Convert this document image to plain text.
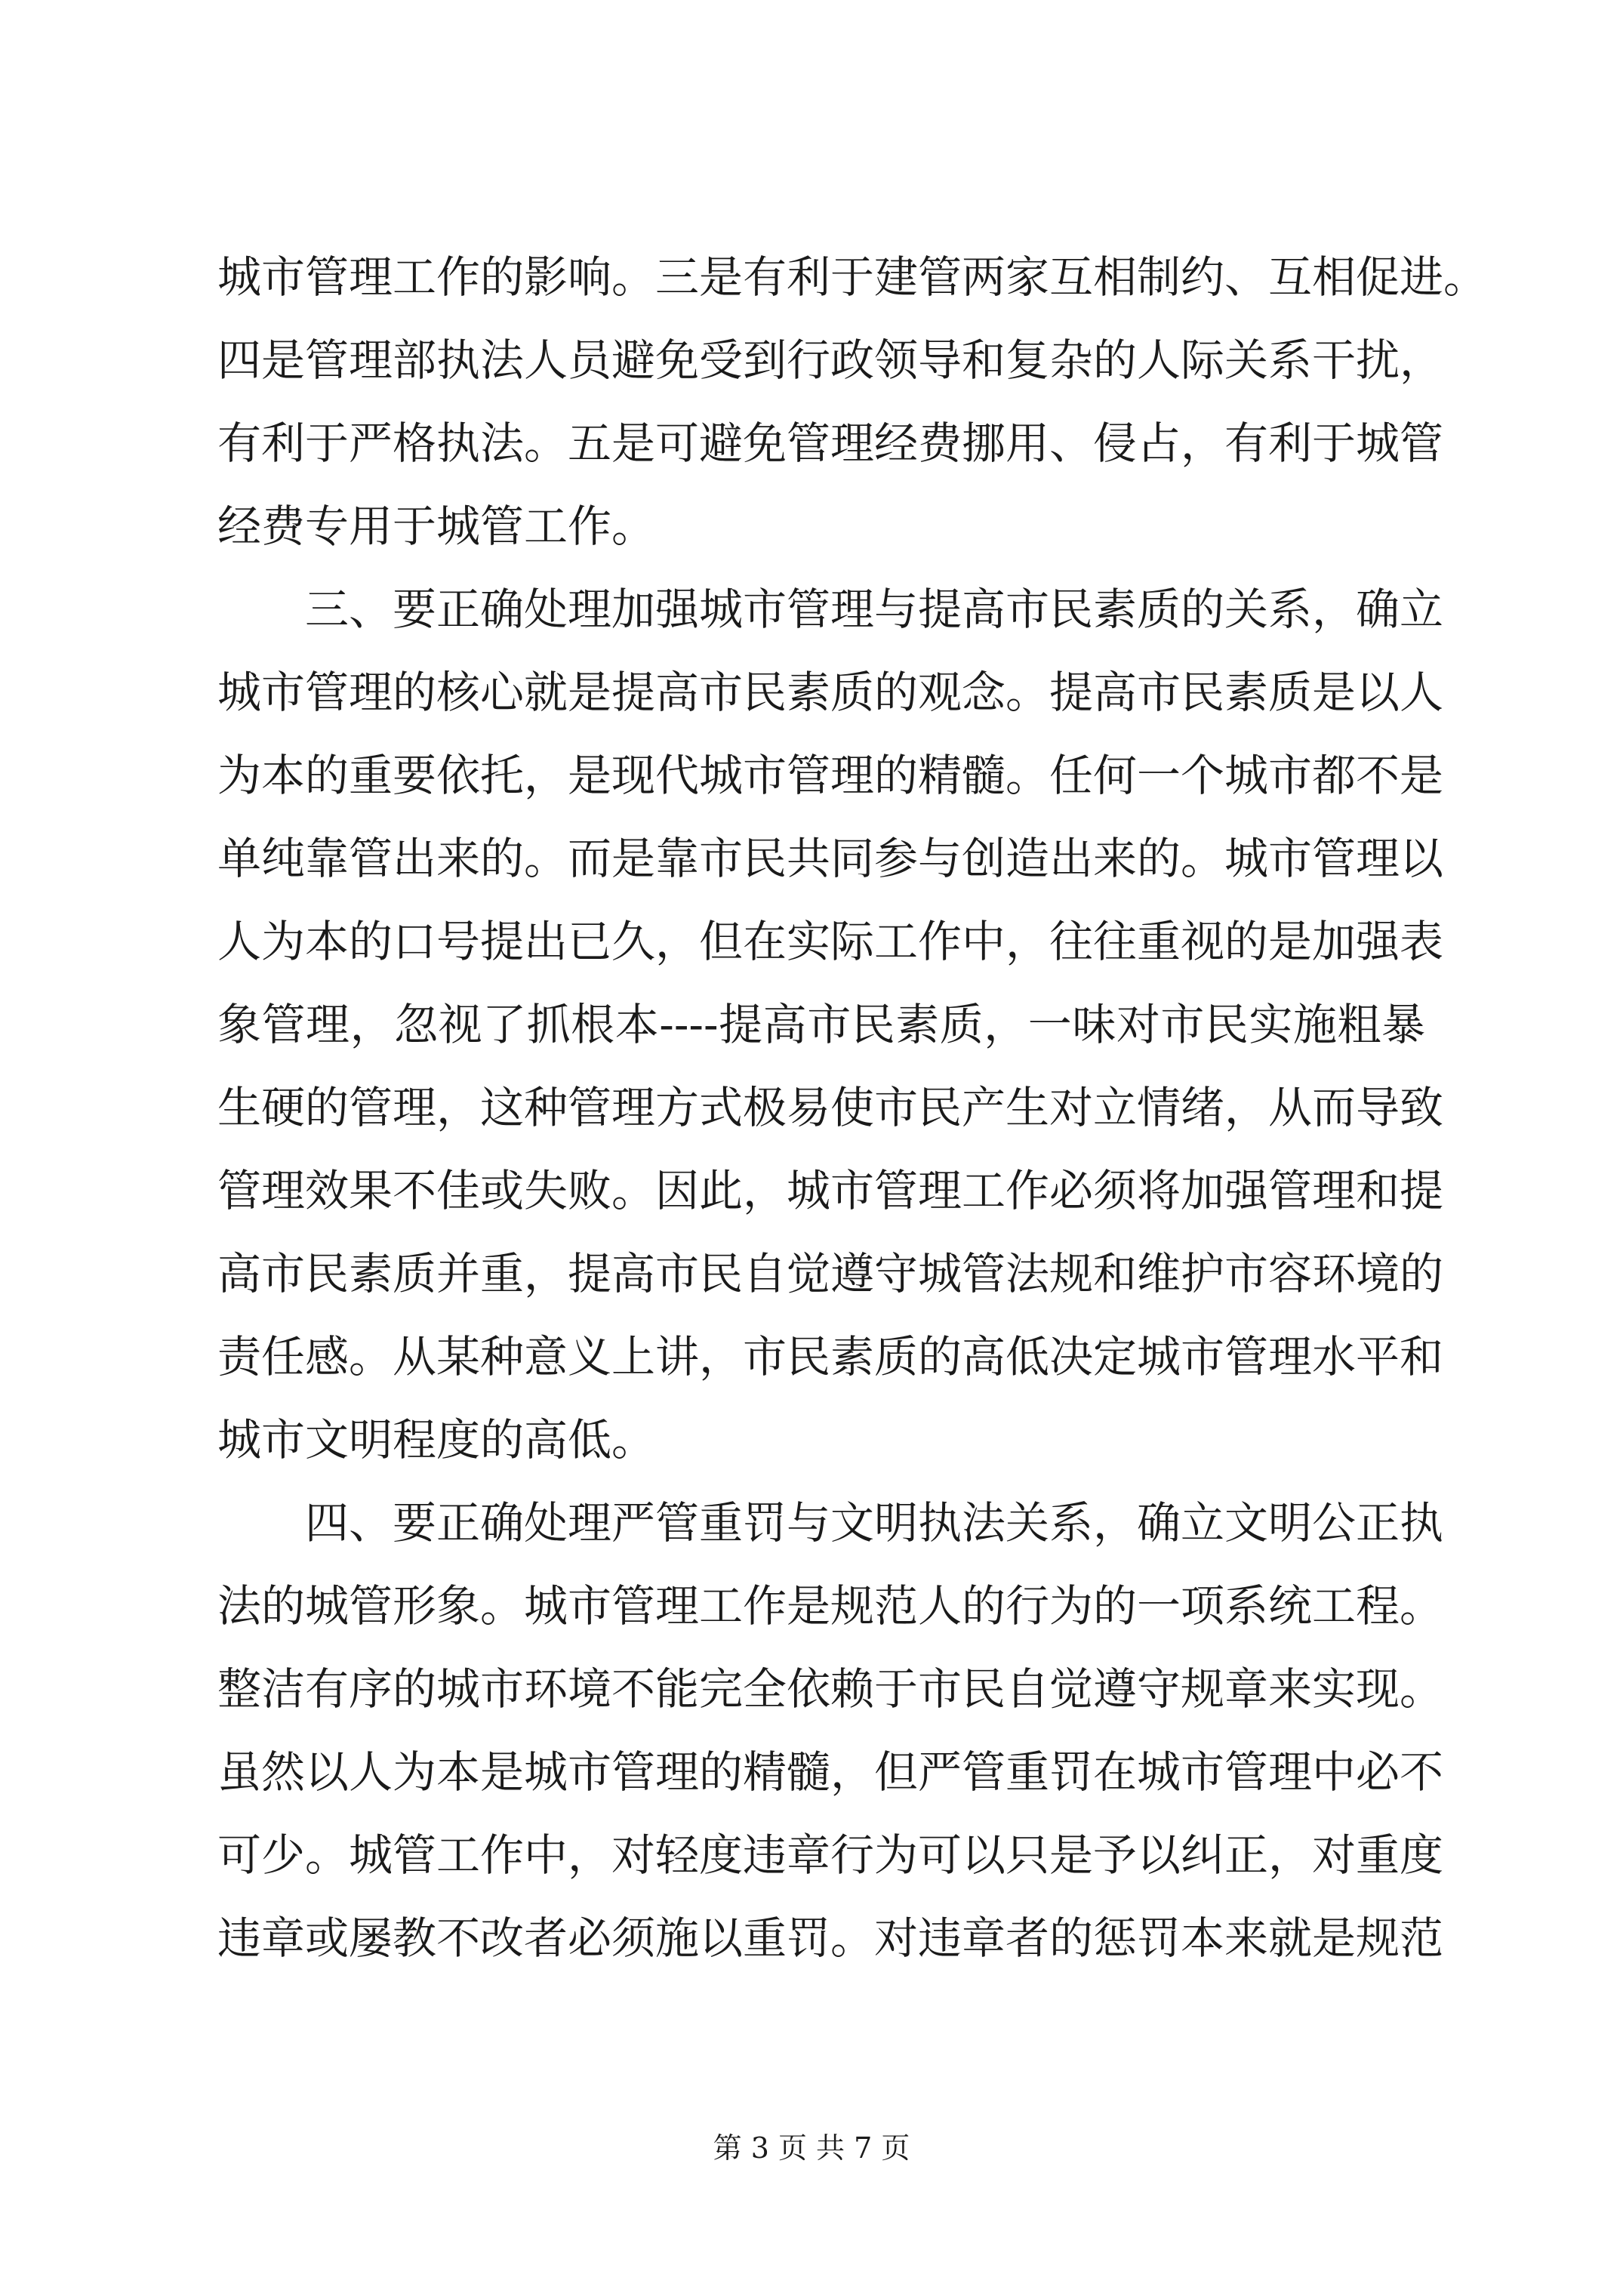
城市管理工作的影响。三是有利于建管两家互相制约、互相促进。
四是管理部执法人员避免受到行政领导和复杂的人际关系干扰，
有利于严格执法。五是可避免管理经费挪用、侵占，有利于城管
经费专用于城管工作。
　　三、要正确处理加强城市管理与提高市民素质的关系，确立
城市管理的核心就是提高市民素质的观念。提高市民素质是以人
为本的重要依托，是现代城市管理的精髓。任何一个城市都不是
单纯靠管出来的。而是靠市民共同参与创造出来的。城市管理以
人为本的口号提出已久，但在实际工作中，往往重视的是加强表
象管理，忽视了抓根本----提高市民素质，一味对市民实施粗暴
生硬的管理，这种管理方式极易使市民产生对立情绪，从而导致
管理效果不佳或失败。因此，城市管理工作必须将加强管理和提
高市民素质并重，提高市民自觉遵守城管法规和维护市容环境的
责任感。从某种意义上讲，市民素质的高低决定城市管理水平和
城市文明程度的高低。
　　四、要正确处理严管重罚与文明执法关系，确立文明公正执
法的城管形象。城市管理工作是规范人的行为的一项系统工程。
整洁有序的城市环境不能完全依赖于市民自觉遵守规章来实现。
虽然以人为本是城市管理的精髓，但严管重罚在城市管理中必不
可少。城管工作中，对轻度违章行为可以只是予以纠正，对重度
违章或屡教不改者必须施以重罚。对违章者的惩罚本来就是规范
第 3 页 共 7 页
